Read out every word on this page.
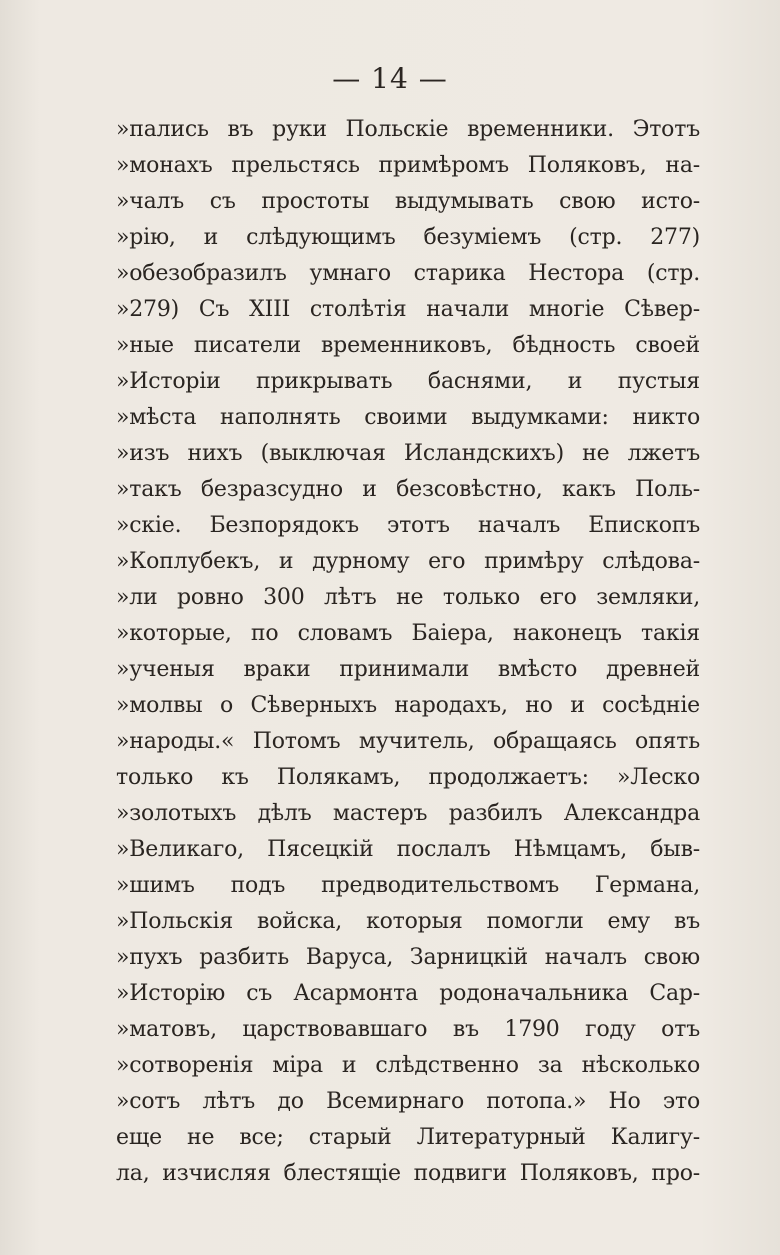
— 14 —
»пались въ руки Польскіе временники. Этотъ
»монахъ прельстясь примѣромъ Поляковъ, на-
»чалъ съ простоты выдумывать свою исто-
»рію, и слѣдующимъ безуміемъ (стр. 277)
»обезобразилъ умнаго старика Нестора (стр.
»279) Съ XIII столѣтія начали многіе Сѣвер-
»ные писатели временниковъ, бѣдность своей
»Исторіи прикрывать баснями, и пустыя
»мѣста наполнять своими выдумками: никто
»изъ нихъ (выключая Исландскихъ) не лжетъ
»такъ безразсудно и безсовѣстно, какъ Поль-
»скіе. Безпорядокъ этотъ началъ Епископъ
»Коплубекъ, и дурному его примѣру слѣдова-
»ли ровно 300 лѣтъ не только его земляки,
»которые, по словамъ Баіера, наконецъ такія
»ученыя враки принимали вмѣсто древней
»молвы о Сѣверныхъ народахъ, но и сосѣдніе
»народы.« Потомъ мучитель, обращаясь опять
только къ Полякамъ, продолжаетъ: »Леско
»золотыхъ дѣлъ мастеръ разбилъ Александра
»Великаго, Пясецкій послалъ Нѣмцамъ, быв-
»шимъ подъ предводительствомъ Германа,
»Польскія войска, которыя помогли ему въ
»пухъ разбить Варуса, Зарницкій началъ свою
»Исторію съ Асармонта родоначальника Сар-
»матовъ, царствовавшаго въ 1790 году отъ
»сотворенія міра и слѣдственно за нѣсколько
»сотъ лѣтъ до Всемирнаго потопа.» Но это
еще не все; старый Литературный Калигу-
ла, изчисляя блестящіе подвиги Поляковъ, про-
